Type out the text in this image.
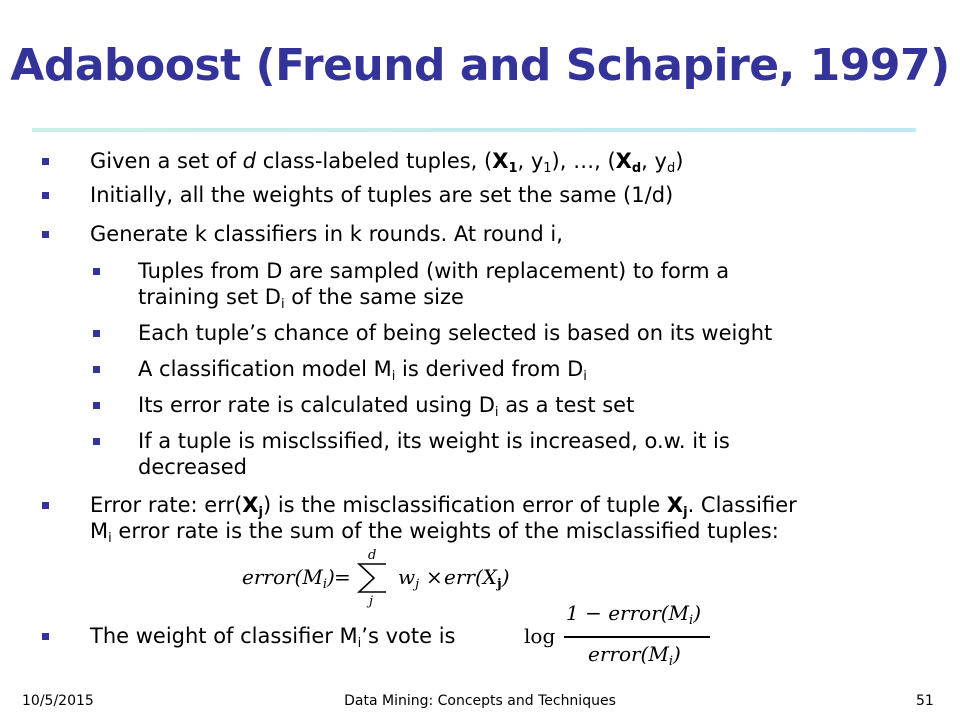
Adaboost (Freund and Schapire, 1997)
Given a set of d class-labeled tuples, ($X_1$, $y_1$), …, ($X_d$, $y_d$)
Initially, all the weights of tuples are set the same (1/d)
Generate k classifiers in k rounds. At round i,
Tuples from D are sampled (with replacement) to form a
training set $D_i$ of the same size
Each tuple’s chance of being selected is based on its weight
A classification model $M_i$ is derived from $D_i$
Its error rate is calculated using $D_i$ as a test set
If a tuple is misclssified, its weight is increased, o.w. it is
decreased
Error rate: $err(X_j)$ is the misclassification error of tuple $X_j$. Classifier
$M_i$ error rate is the sum of the weights of the misclassified tuples:
The weight of classifier $M_i’s$ vote is
$error(M_i)$ =
d
j
$w_j \times err(X_j)$
log
$1 - error(M_i)$
$error(M_i)$
10/5/2015	Data Mining: Concepts and Techniques	51
